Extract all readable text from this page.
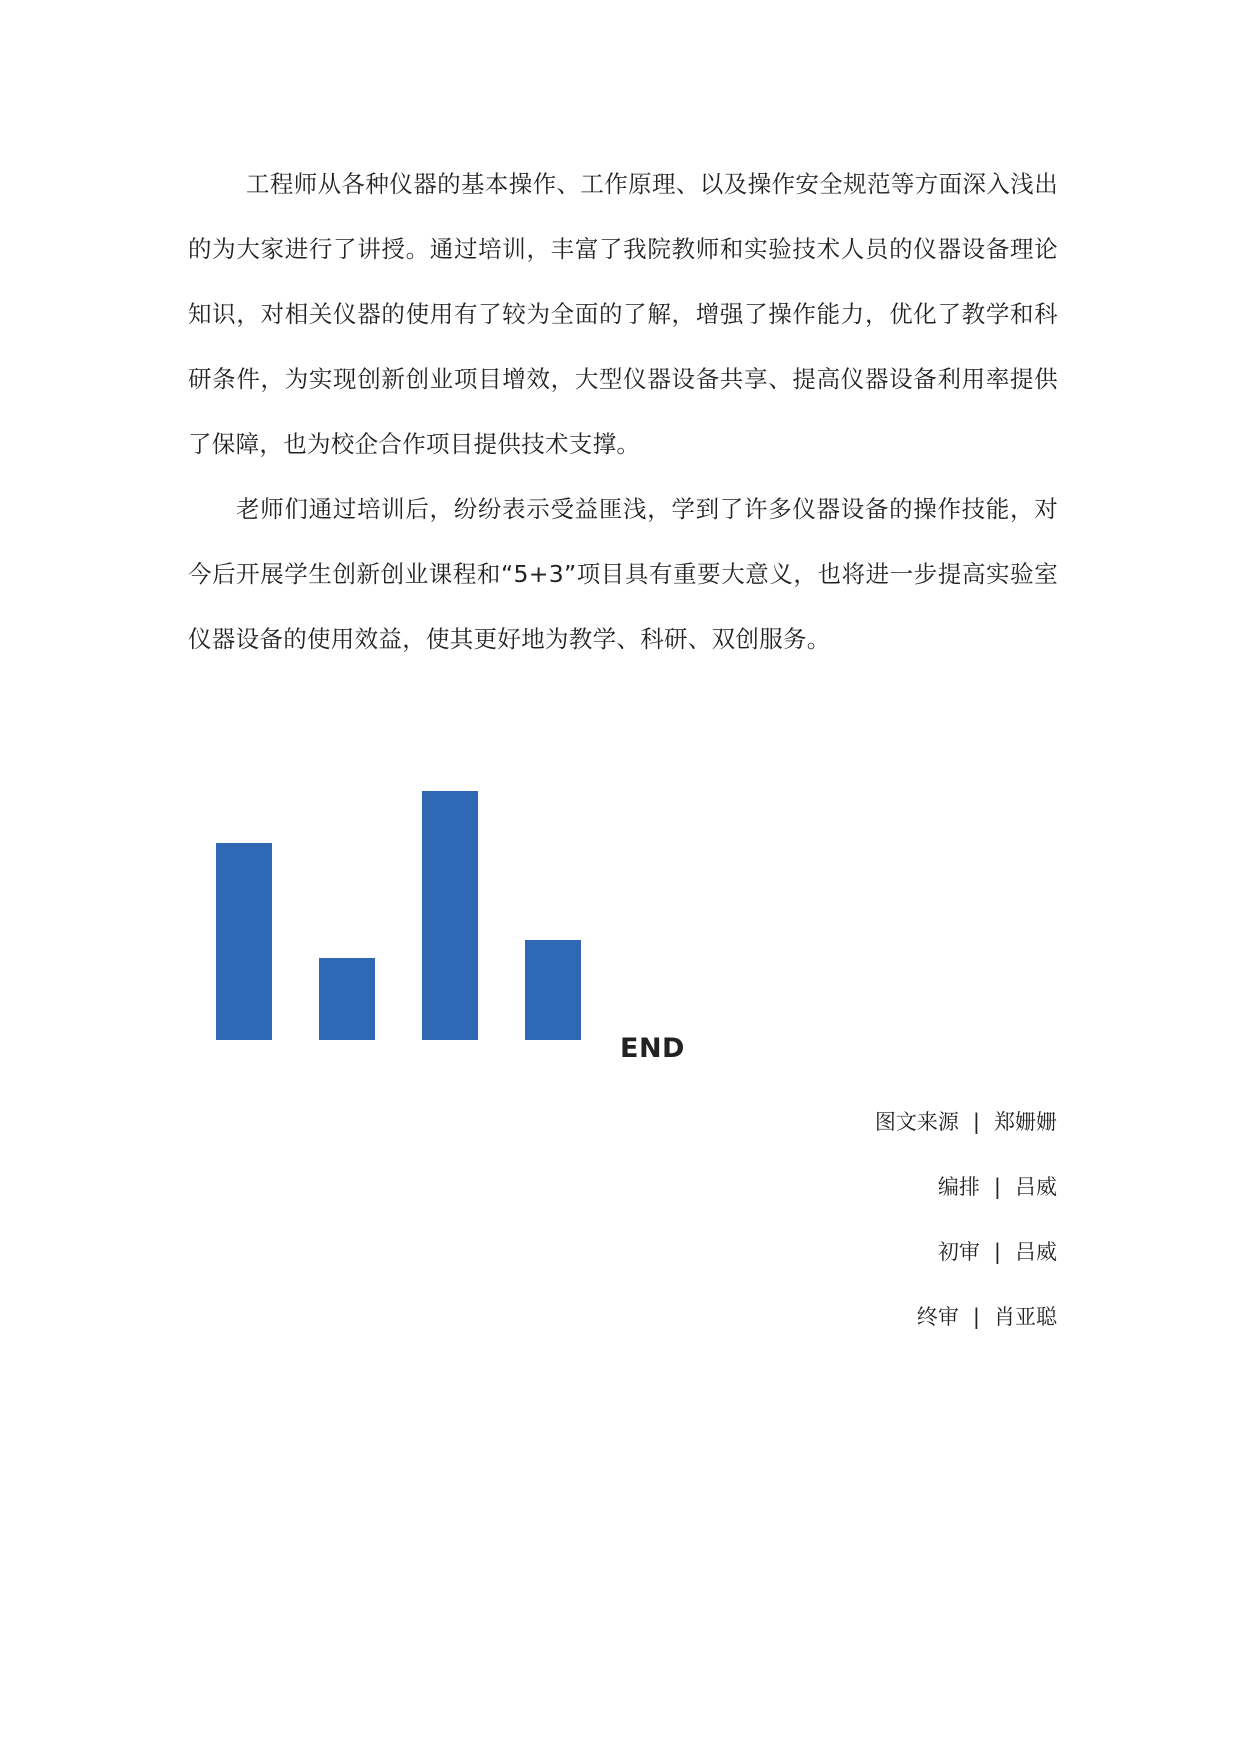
工程师从各种仪器的基本操作、工作原理、以及操作安全规范等方面深入浅出的为大家进行了讲授。通过培训，丰富了我院教师和实验技术人员的仪器设备理论知识，对相关仪器的使用有了较为全面的了解，增强了操作能力，优化了教学和科研条件，为实现创新创业项目增效，大型仪器设备共享、提高仪器设备利用率提供了保障，也为校企合作项目提供技术支撑。

老师们通过培训后，纷纷表示受益匪浅，学到了许多仪器设备的操作技能，对今后开展学生创新创业课程和“5+3”项目具有重要大意义，也将进一步提高实验室仪器设备的使用效益，使其更好地为教学、科研、双创服务。

END
图文来源 | 郑姗姗
编排 | 吕威
初审 | 吕威
终审 | 肖亚聪
